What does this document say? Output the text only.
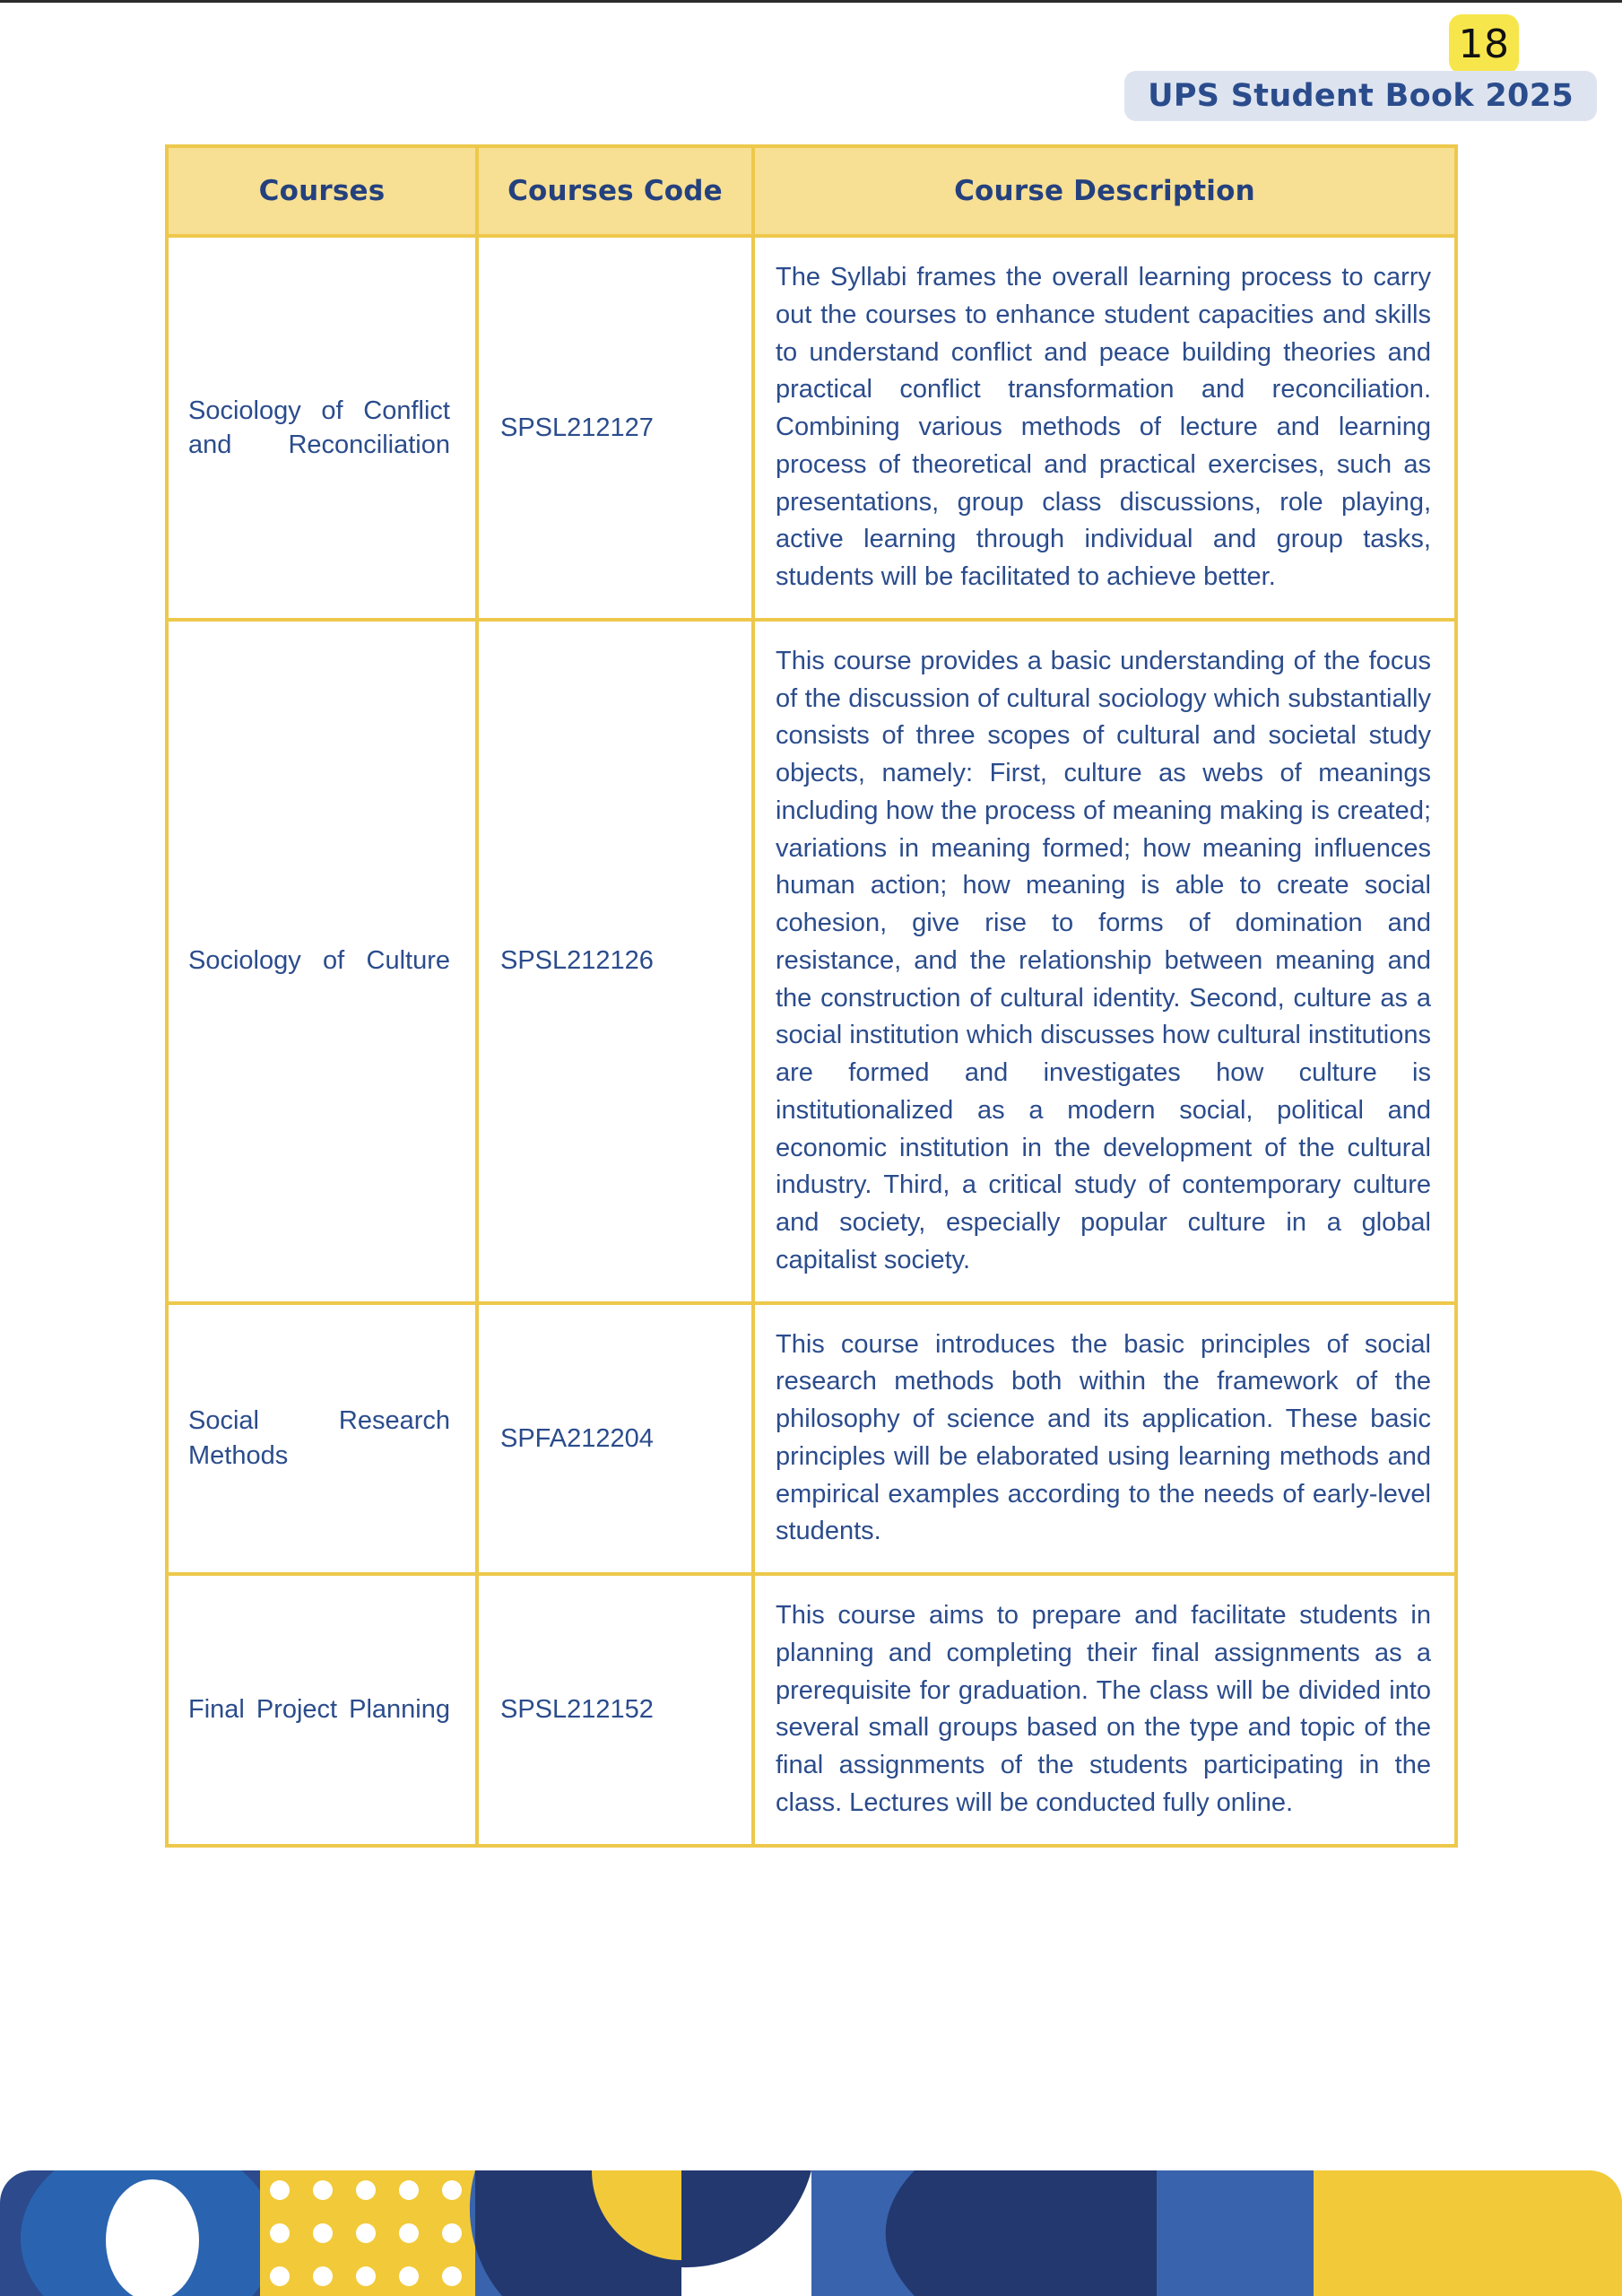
18
UPS Student Book 2025
Courses	Courses Code	Course Description
Sociology of Conflict and Reconciliation	SPSL212127	The Syllabi frames the overall learning process to carry out the courses to enhance student capacities and skills to understand conflict and peace building theories and practical conflict transformation and reconciliation. Combining various methods of lecture and learning process of theoretical and practical exercises, such as presentations, group class discussions, role playing, active learning through individual and group tasks, students will be facilitated to achieve better.
Sociology of Culture	SPSL212126	This course provides a basic understanding of the focus of the discussion of cultural sociology which substantially consists of three scopes of cultural and societal study objects, namely: First, culture as webs of meanings including how the process of meaning making is created; variations in meaning formed; how meaning influences human action; how meaning is able to create social cohesion, give rise to forms of domination and resistance, and the relationship between meaning and the construction of cultural identity. Second, culture as a social institution which discusses how cultural institutions are formed and investigates how culture is institutionalized as a modern social, political and economic institution in the development of the cultural industry. Third, a critical study of contemporary culture and society, especially popular culture in a global capitalist society.
Social Research Methods	SPFA212204	This course introduces the basic principles of social research methods both within the framework of the philosophy of science and its application. These basic principles will be elaborated using learning methods and empirical examples according to the needs of early-level students.
Final Project Planning	SPSL212152	This course aims to prepare and facilitate students in planning and completing their final assignments as a prerequisite for graduation. The class will be divided into several small groups based on the type and topic of the final assignments of the students participating in the class. Lectures will be conducted fully online.
